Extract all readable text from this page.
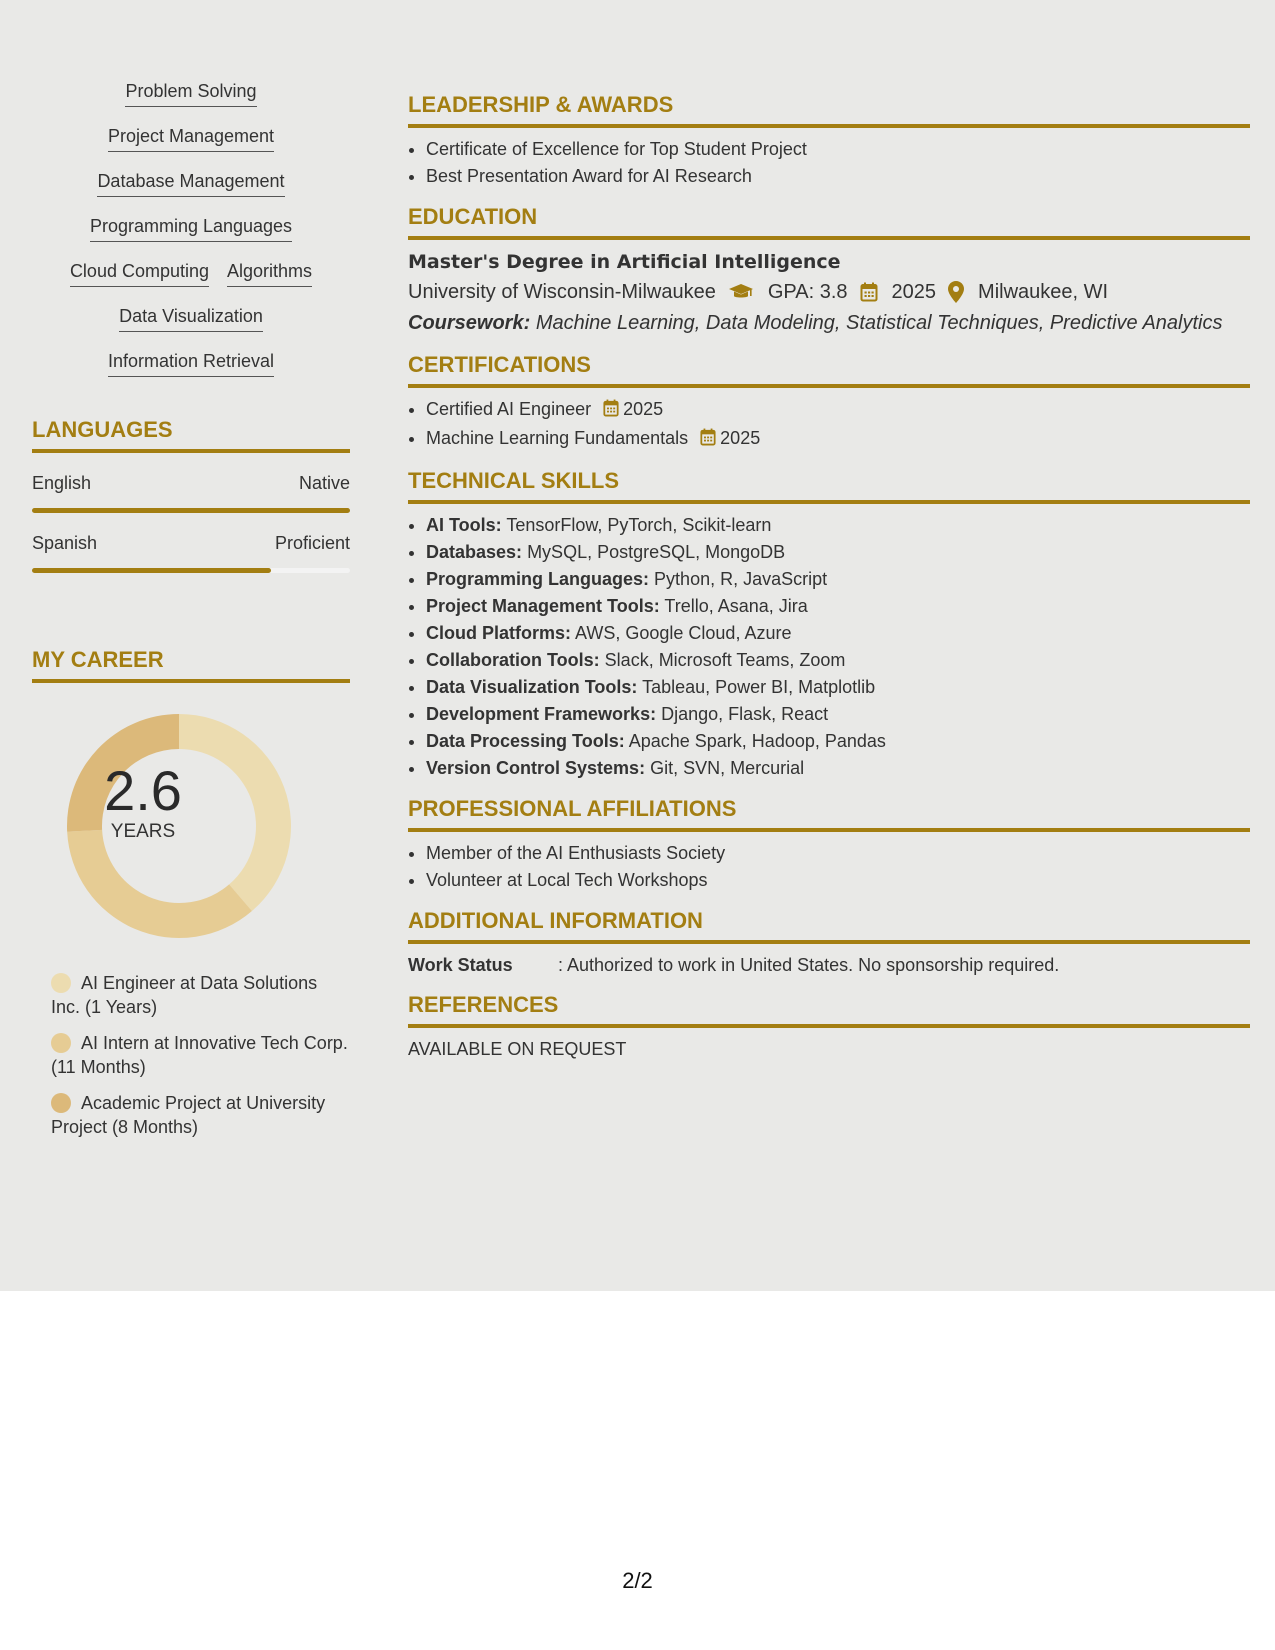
Problem Solving
Project Management
Database Management
Programming Languages
Cloud Computing Algorithms
Data Visualization
Information Retrieval
LANGUAGES
English	Native
Spanish	Proficient
MY CAREER
2.6
YEARS
AI Engineer at Data Solutions Inc. (1 Years)
AI Intern at Innovative Tech Corp. (11 Months)
Academic Project at University Project (8 Months)
LEADERSHIP & AWARDS
• Certificate of Excellence for Top Student Project
• Best Presentation Award for AI Research
EDUCATION
Master's Degree in Artificial Intelligence
University of Wisconsin-Milwaukee	GPA: 3.8 2025 Milwaukee, WI
Coursework: Machine Learning, Data Modeling, Statistical Techniques, Predictive Analytics
CERTIFICATIONS
• Certified AI Engineer 2025
• Machine Learning Fundamentals 2025
TECHNICAL SKILLS
• AI Tools: TensorFlow, PyTorch, Scikit-learn
• Databases: MySQL, PostgreSQL, MongoDB
• Programming Languages: Python, R, JavaScript
• Project Management Tools: Trello, Asana, Jira
• Cloud Platforms: AWS, Google Cloud, Azure
• Collaboration Tools: Slack, Microsoft Teams, Zoom
• Data Visualization Tools: Tableau, Power BI, Matplotlib
• Development Frameworks: Django, Flask, React
• Data Processing Tools: Apache Spark, Hadoop, Pandas
• Version Control Systems: Git, SVN, Mercurial
PROFESSIONAL AFFILIATIONS
• Member of the AI Enthusiasts Society
• Volunteer at Local Tech Workshops
ADDITIONAL INFORMATION
Work Status	: Authorized to work in United States. No sponsorship required.
REFERENCES
AVAILABLE ON REQUEST
2/2
